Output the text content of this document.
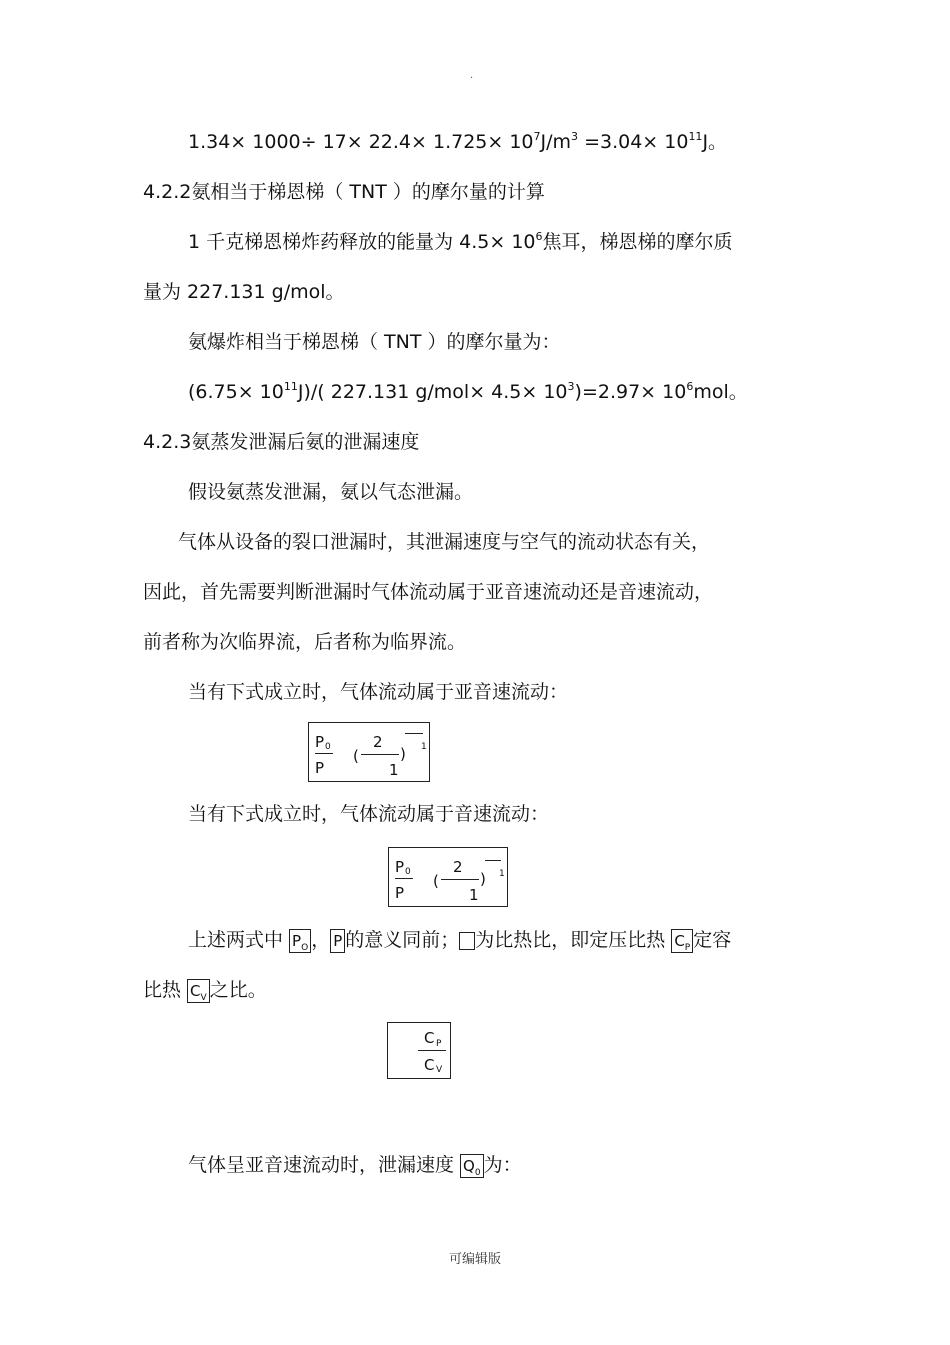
.
$1.34\times 1000\div 17\times 22.4\times 1.725\times 10^7J/m^3 =3.04\times 10^{11}J$。
4.2.2氨相当于梯恩梯（ TNT ）的摩尔量的计算
1 千克梯恩梯炸药释放的能量为 $4.5\times 10^6$焦耳，梯恩梯的摩尔质
量为 227.131 g/mol。
氨爆炸相当于梯恩梯（ TNT ）的摩尔量为：
$(6.75\times 10^{11}J)/$( 227.131 $g/mol\times 4.5\times 10^3)=2.97\times 10^6mol$。
4.2.3氨蒸发泄漏后氨的泄漏速度
假设氨蒸发泄漏，氨以气态泄漏。
气体从设备的裂口泄漏时，其泄漏速度与空气的流动状态有关，
因此，首先需要判断泄漏时气体流动属于亚音速流动还是音速流动，
前者称为次临界流，后者称为临界流。
当有下式成立时，气体流动属于亚音速流动：
P 0
P
(
2
1
) 1
当有下式成立时，气体流动属于音速流动：
P 0
P
(
2
1
) 1
上述两式中 $P_O$ ， P 的意义同前； 为比热比，即定压比热 $C_P$ 定容
比热 $C_V$ 之比。
C P
C V
气体呈亚音速流动时，泄漏速度 $Q_0$ 为：
可编辑版
